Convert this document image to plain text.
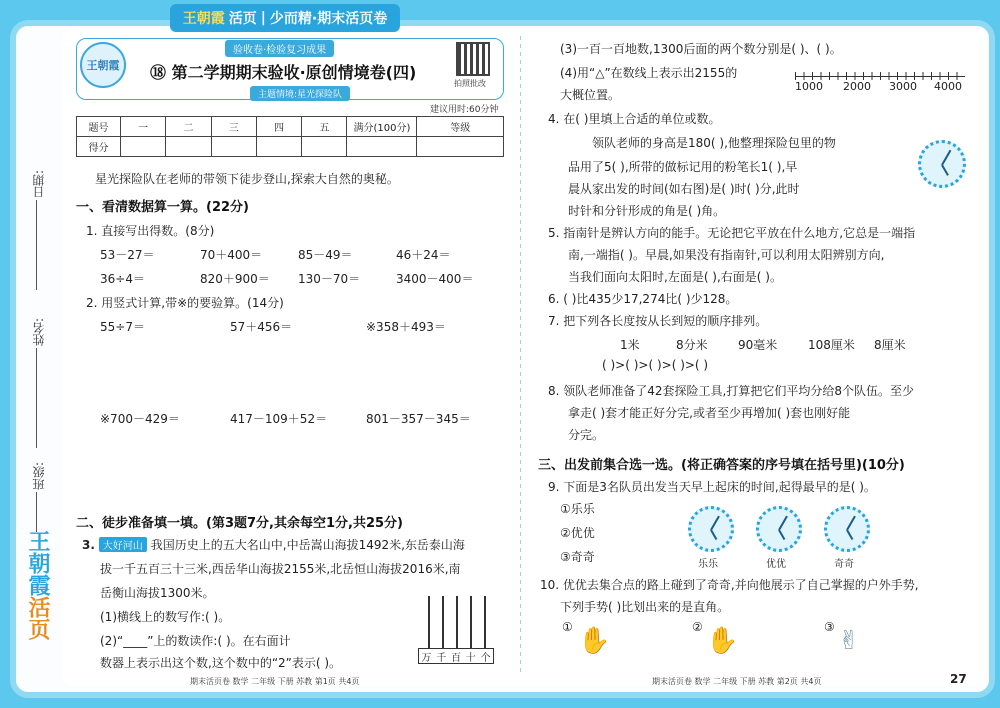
王朝霞 活页 | 少而精·期末活页卷
日期:
姓名:
班级:
王朝霞
活页
王朝霞
验收卷·检验复习成果
⑱ 第二学期期末验收·原创情境卷(四)
主题情境:星光探险队
拍照批改
建议用时:60分钟
题号	一	二	三	四	五	满分(100分)	等级
得分							
星光探险队在老师的带领下徒步登山,探索大自然的奥秘。
一、看清数据算一算。(22分)
1. 直接写出得数。(8分)
53－27＝	70＋400＝	85－49＝	46＋24＝
36÷4＝	820＋900＝ 130－70＝	3400－400＝
2. 用竖式计算,带※的要验算。(14分)
55÷7＝	57＋456＝	※358＋493＝
※700－429＝	417－109＋52＝	801－357－345＝
二、徒步准备填一填。(第3题7分,其余每空1分,共25分)
3. 大好河山 我国历史上的五大名山中,中岳嵩山海拔1492米,东岳泰山海
拔一千五百三十三米,西岳华山海拔2155米,北岳恒山海拔2016米,南
岳衡山海拔1300米。
(1)横线上的数写作:( )。
(2)“____”上的数读作:( )。在右面计
数器上表示出这个数,这个数中的“2”表示( )。	万 千 百 十 个
期末活页卷 数学 二年级 下册 苏教 第1页 共4页
(3)一百一百地数,1300后面的两个数分别是( )、( )。
(4)用“△”在数线上表示出2155的
大概位置。
1000 2000 3000 4000
4. 在( )里填上合适的单位或数。
领队老师的身高是180( ),他整理探险包里的物
品用了5( ),所带的做标记用的粉笔长1( ),早
晨从家出发的时间(如右图)是( )时( )分,此时
时针和分针形成的角是( )角。
5. 指南针是辨认方向的能手。无论把它平放在什么地方,它总是一端指
南,一端指( )。早晨,如果没有指南针,可以利用太阳辨别方向,
当我们面向太阳时,左面是( ),右面是( )。
6. ( )比435少17,274比( )少128。
7. 把下列各长度按从长到短的顺序排列。
1米	8分米	90毫米	108厘米 8厘米
( )>( )>( )>( )>( )
8. 领队老师准备了42套探险工具,打算把它们平均分给8个队伍。至少
拿走( )套才能正好分完,或者至少再增加( )套也刚好能
分完。
三、出发前集合选一选。(将正确答案的序号填在括号里)(10分)
9. 下面是3名队员出发当天早上起床的时间,起得最早的是( )。
①乐乐
②优优
③奇奇
乐乐	优优	奇奇
10. 优优去集合点的路上碰到了奇奇,并向他展示了自己掌握的户外手势,
下列手势( )比划出来的是直角。
①	②	③
✋	✋	✌
期末活页卷 数学 二年级 下册 苏教 第2页 共4页	27
